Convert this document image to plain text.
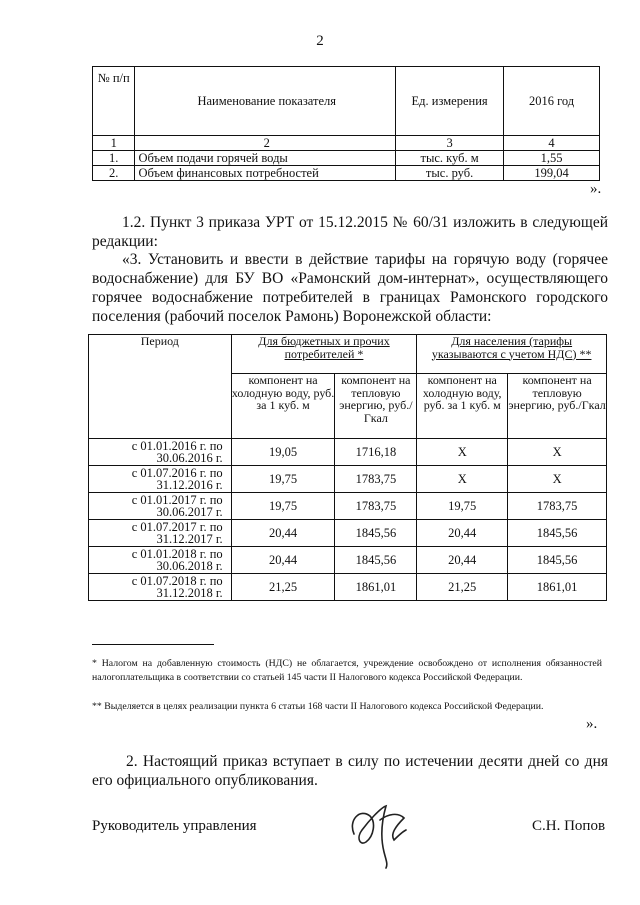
2
№ п/п	Наименование показателя	Ед. измерения	2016 год
1	2	3	4
1.	Объем подачи горячей воды	тыс. куб. м	1,55
2.	Объем финансовых потребностей	тыс. руб.	199,04
».

1.2. Пункт 3 приказа УРТ от 15.12.2015 № 60/31 изложить в следующей редакции:

«3. Установить и ввести в действие тарифы на горячую воду (горячее водоснабжение) для БУ ВО «Рамонский дом-интернат», осуществляющего горячее водоснабжение потребителей в границах Рамонского городского поселения (рабочий поселок Рамонь) Воронежской области:

Период	Для бюджетных и прочих потребителей *		Для населения (тарифы указываются с учетом НДС) **	
	компонент на холодную воду, руб. за 1 куб. м	компонент на тепловую энергию, руб./Гкал	компонент на холодную воду, руб. за 1 куб. м	компонент на тепловую энергию, руб./Гкал
с 01.01.2016 г. по 30.06.2016 г.	19,05	1716,18	Х	Х
с 01.07.2016 г. по 31.12.2016 г.	19,75	1783,75	Х	Х
с 01.01.2017 г. по 30.06.2017 г.	19,75	1783,75	19,75	1783,75
с 01.07.2017 г. по 31.12.2017 г.	20,44	1845,56	20,44	1845,56
с 01.01.2018 г. по 30.06.2018 г.	20,44	1845,56	20,44	1845,56
с 01.07.2018 г. по 31.12.2018 г.	21,25	1861,01	21,25	1861,01

* Налогом на добавленную стоимость (НДС) не облагается, учреждение освобождено от исполнения обязанностей налогоплательщика в соответствии со статьей 145 части II Налогового кодекса Российской Федерации.

** Выделяется в целях реализации пункта 6 статьи 168 части II Налогового кодекса Российской Федерации.

».

2. Настоящий приказ вступает в силу по истечении десяти дней со дня его официального опубликования.

Руководитель управления	С.Н. Попов
